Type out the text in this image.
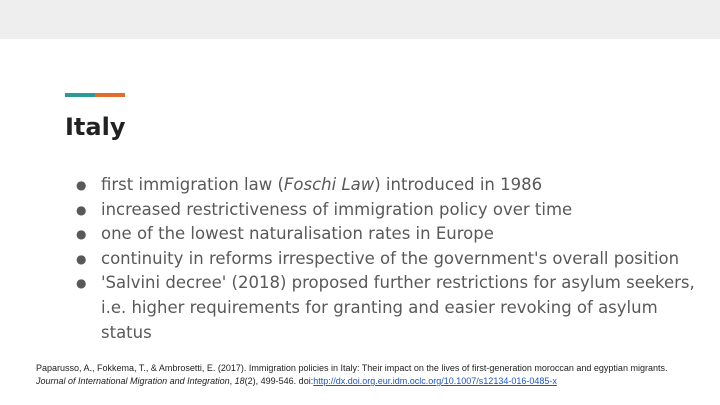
Italy
● first immigration law (Foschi Law) introduced in 1986
● increased restrictiveness of immigration policy over time
● one of the lowest naturalisation rates in Europe
● continuity in reforms irrespective of the government's overall position
● 'Salvini decree' (2018) proposed further restrictions for asylum seekers, i.e. higher requirements for granting and easier revoking of asylum status
Paparusso, A., Fokkema, T., & Ambrosetti, E. (2017). Immigration policies in Italy: Their impact on the lives of first-generation moroccan and egyptian migrants. Journal of International Migration and Integration, 18(2), 499-546. doi:http://dx.doi.org.eur.idm.oclc.org/10.1007/s12134-016-0485-x
